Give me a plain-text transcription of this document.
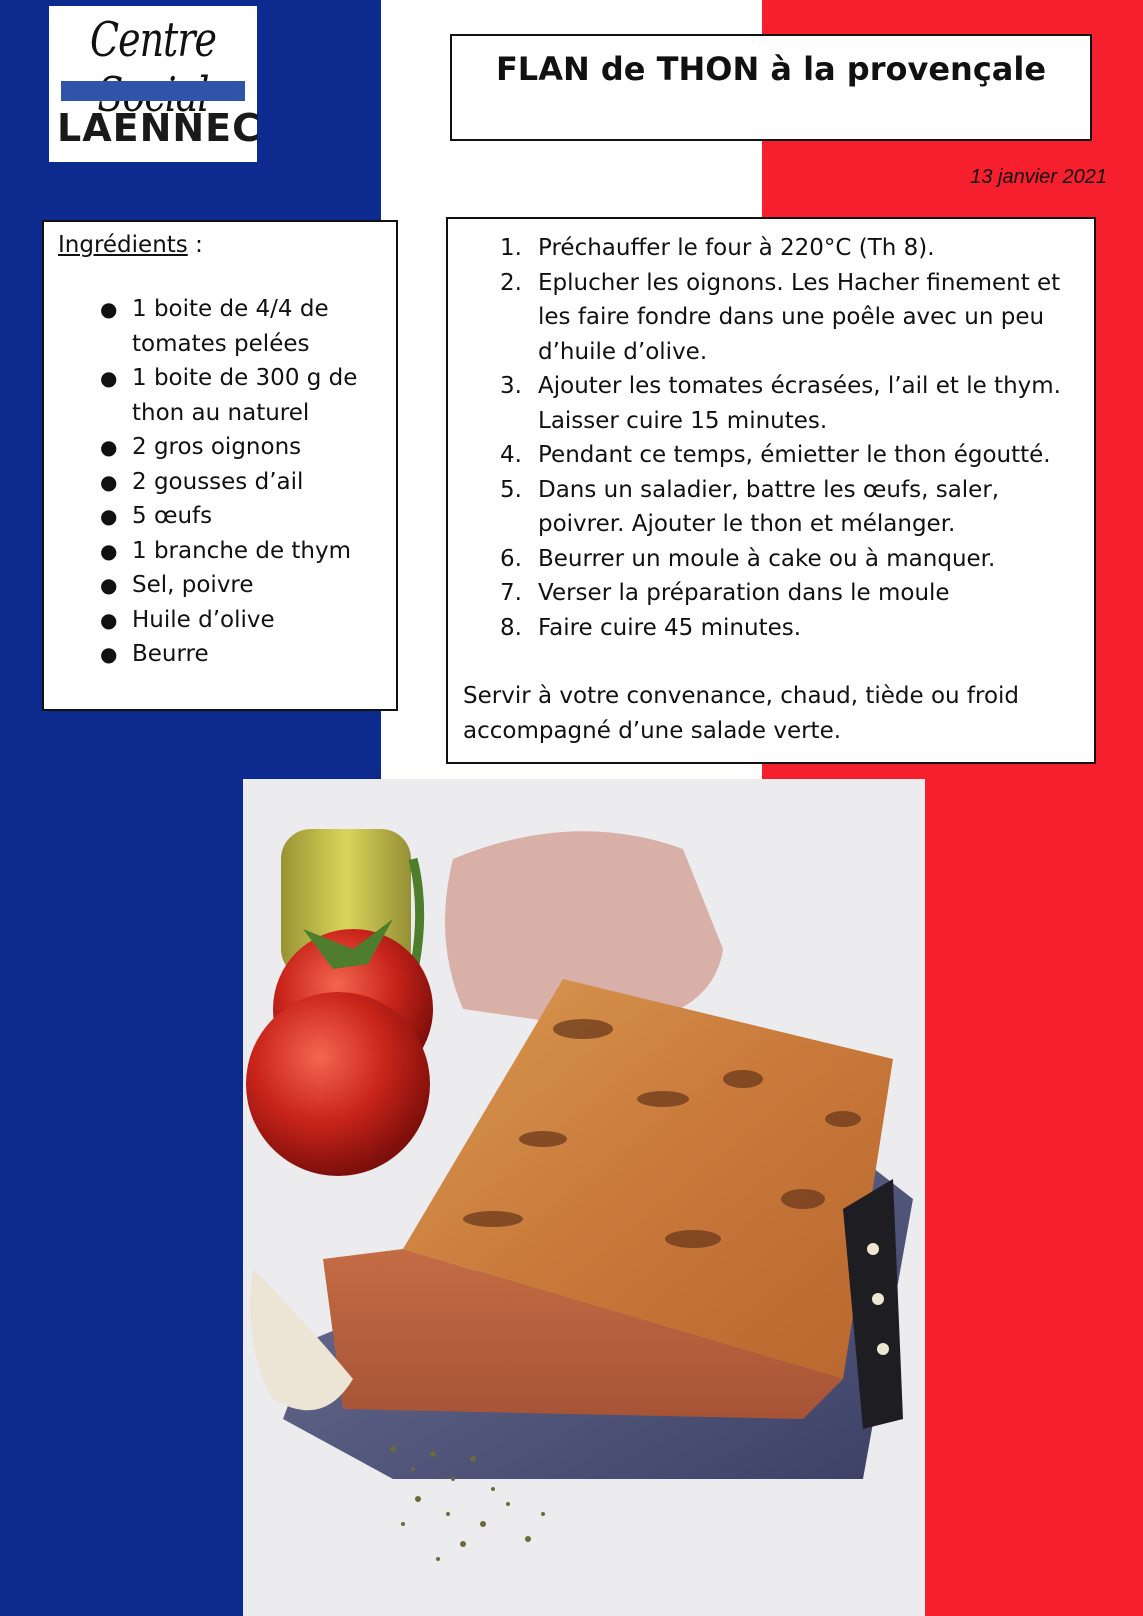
Centre
LAENNEC
FLAN de THON à la provençale
13 janvier 2021
Ingrédients :
● 1 boite de 4/4 de tomates pelées
● 1 boite de 300 g de thon au naturel
● 2 gros oignons
● 2 gousses d’ail
● 5 œufs
● 1 branche de thym
● Sel, poivre
● Huile d’olive
● Beurre
1. Préchauffer le four à 220°C (Th 8).
2. Eplucher les oignons. Les Hacher finement et les faire fondre dans une poêle avec un peu d’huile d’olive.
3. Ajouter les tomates écrasées, l’ail et le thym. Laisser cuire 15 minutes.
4. Pendant ce temps, émietter le thon égoutté.
5. Dans un saladier, battre les œufs, saler, poivrer. Ajouter le thon et mélanger.
6. Beurrer un moule à cake ou à manquer.
7. Verser la préparation dans le moule
8. Faire cuire 45 minutes.
Servir à votre convenance, chaud, tiède ou froid accompagné d’une salade verte.
